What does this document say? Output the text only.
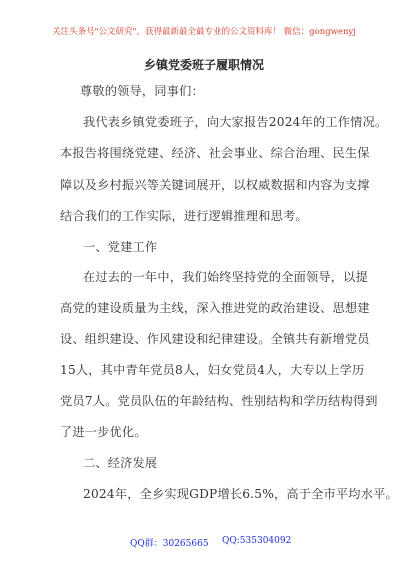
关注头条号"公文研究"，获得最新最全最专业的公文资料库！ 微信：gongwenyj
乡镇党委班子履职情况
尊敬的领导，同事们：
我代表乡镇党委班子，向大家报告2024年的工作情况。
本报告将围绕党建、经济、社会事业、综合治理、民生保
障以及乡村振兴等关键词展开，以权威数据和内容为支撑
结合我们的工作实际，进行逻辑推理和思考。
一、党建工作
在过去的一年中，我们始终坚持党的全面领导，以提
高党的建设质量为主线，深入推进党的政治建设、思想建
设、组织建设、作风建设和纪律建设。全镇共有新增党员
15人，其中青年党员8人，妇女党员4人，大专以上学历
党员7人。党员队伍的年龄结构、性别结构和学历结构得到
了进一步优化。
二、经济发展
2024年，全乡实现GDP增长6.5%，高于全市平均水平。
QQ群：30265665 QQ:535304092
